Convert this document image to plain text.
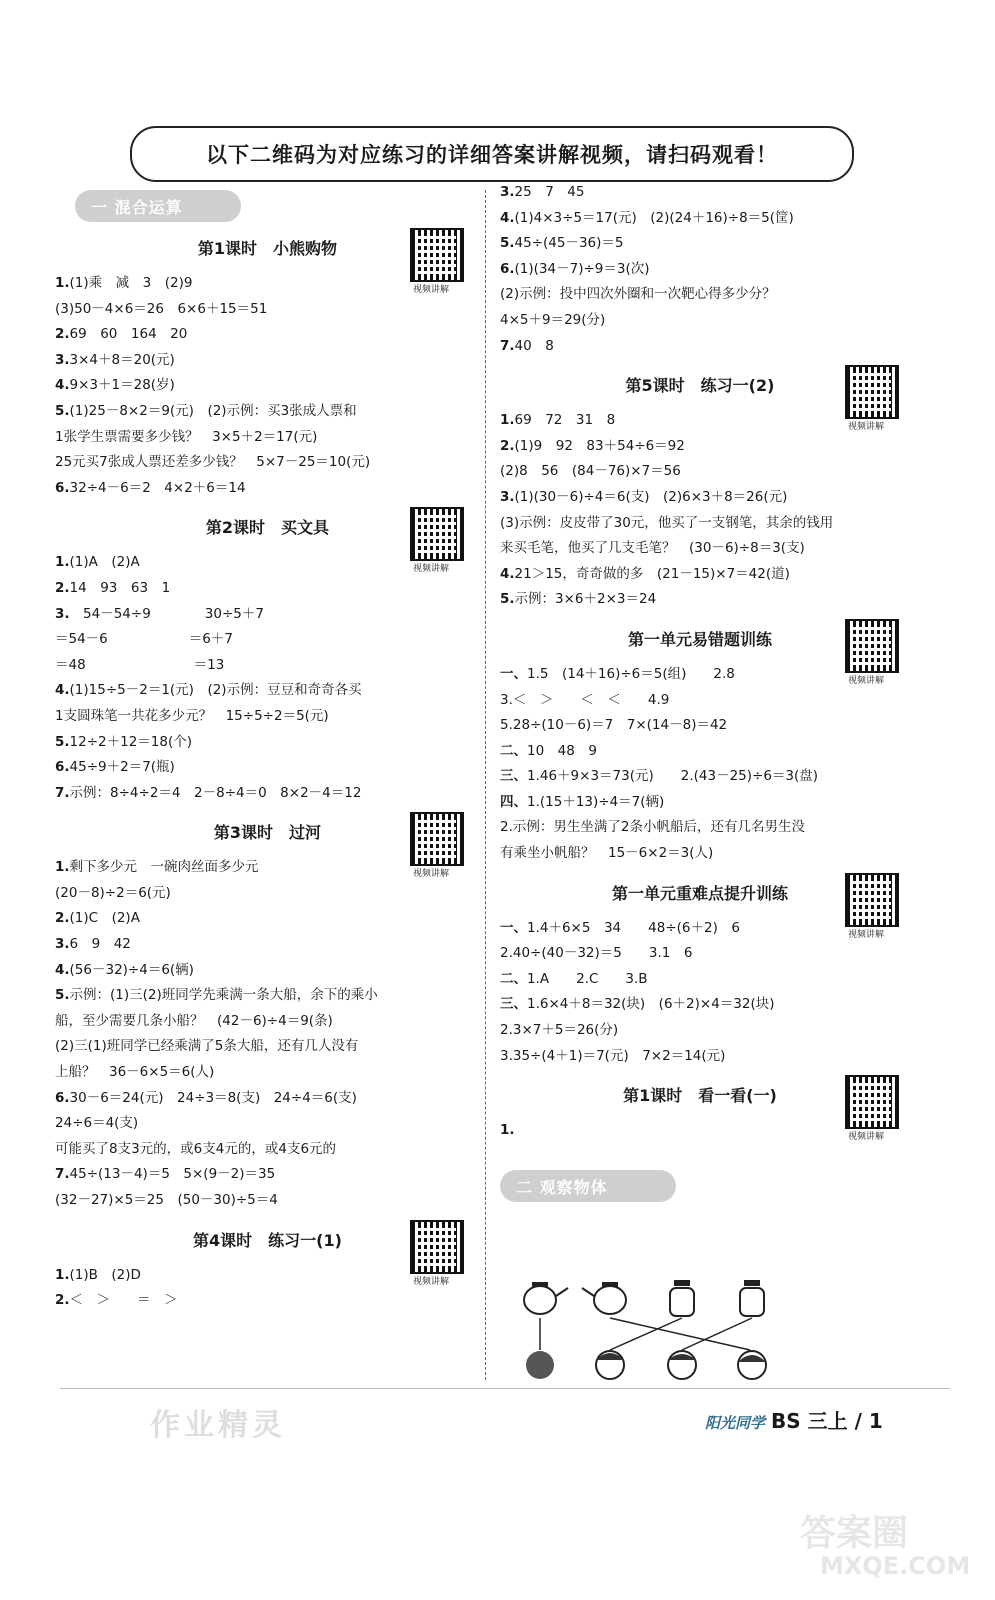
以下二维码为对应练习的详细答案讲解视频，请扫码观看！
一 混合运算
第1课时　小熊购物
视频讲解
1.(1)乘　减　3　(2)9
(3)50－4×6＝26　6×6＋15＝51
2.69　60　164　20
3.3×4＋8＝20(元)
4.9×3＋1＝28(岁)
5.(1)25－8×2＝9(元)　(2)示例：买3张成人票和
1张学生票需要多少钱？　3×5＋2＝17(元)
25元买7张成人票还差多少钱？　5×7－25＝10(元)
6.32÷4－6＝2　4×2＋6＝14
第2课时　买文具
视频讲解
1.(1)A　(2)A
2.14　93　63　1
3.　54－54÷9　　　　30÷5＋7
＝54－6　　　　　　＝6＋7
＝48　　　　　　　　＝13
4.(1)15÷5－2＝1(元)　(2)示例：豆豆和奇奇各买
1支圆珠笔一共花多少元？　15÷5÷2＝5(元)
5.12÷2＋12＝18(个)
6.45÷9＋2＝7(瓶)
7.示例：8÷4÷2＝4　2－8÷4＝0　8×2－4＝12
第3课时　过河
视频讲解
1.剩下多少元　一碗肉丝面多少元
(20－8)÷2＝6(元)
2.(1)C　(2)A
3.6　9　42
4.(56－32)÷4＝6(辆)
5.示例：(1)三(2)班同学先乘满一条大船，余下的乘小
船，至少需要几条小船？　(42－6)÷4＝9(条)
(2)三(1)班同学已经乘满了5条大船，还有几人没有
上船？　36－6×5＝6(人)
6.30－6＝24(元)　24÷3＝8(支)　24÷4＝6(支)
24÷6＝4(支)
可能买了8支3元的，或6支4元的，或4支6元的
7.45÷(13－4)＝5　5×(9－2)＝35
(32－27)×5＝25　(50－30)÷5＝4
第4课时　练习一(1)
视频讲解
1.(1)B　(2)D
2.＜　＞　　＝　＞
3.25　7　45
4.(1)4×3÷5＝17(元)　(2)(24＋16)÷8＝5(筐)
5.45÷(45－36)＝5
6.(1)(34－7)÷9＝3(次)
(2)示例：投中四次外圈和一次靶心得多少分？
4×5＋9＝29(分)
7.40　8
第5课时　练习一(2)
视频讲解
1.69　72　31　8
2.(1)9　92　83＋54÷6＝92
(2)8　56　(84－76)×7＝56
3.(1)(30－6)÷4＝6(支)　(2)6×3＋8＝26(元)
(3)示例：皮皮带了30元，他买了一支钢笔，其余的钱用
来买毛笔，他买了几支毛笔？　(30－6)÷8＝3(支)
4.21＞15，奇奇做的多　(21－15)×7＝42(道)
5.示例：3×6＋2×3＝24
第一单元易错题训练
视频讲解
一、1.5　(14＋16)÷6＝5(组)　　2.8
3.＜　＞　　＜　＜　　4.9
5.28÷(10－6)＝7　7×(14－8)＝42
二、10　48　9
三、1.46＋9×3＝73(元)　　2.(43－25)÷6＝3(盘)
四、1.(15＋13)÷4＝7(辆)
2.示例：男生坐满了2条小帆船后，还有几名男生没
有乘坐小帆船？　15－6×2＝3(人)
第一单元重难点提升训练
视频讲解
一、1.4＋6×5　34　　48÷(6＋2)　6
2.40÷(40－32)＝5　　3.1　6
二、1.A　　2.C　　3.B
三、1.6×4＋8＝32(块)　(6＋2)×4＝32(块)
2.3×7＋5＝26(分)
3.35÷(4＋1)＝7(元)　7×2＝14(元)
第1课时　看一看(一)
视频讲解
1.
二 观察物体
作业精灵	阳光同学 BS 三上 / 1
答案圈
MXQE.COM
